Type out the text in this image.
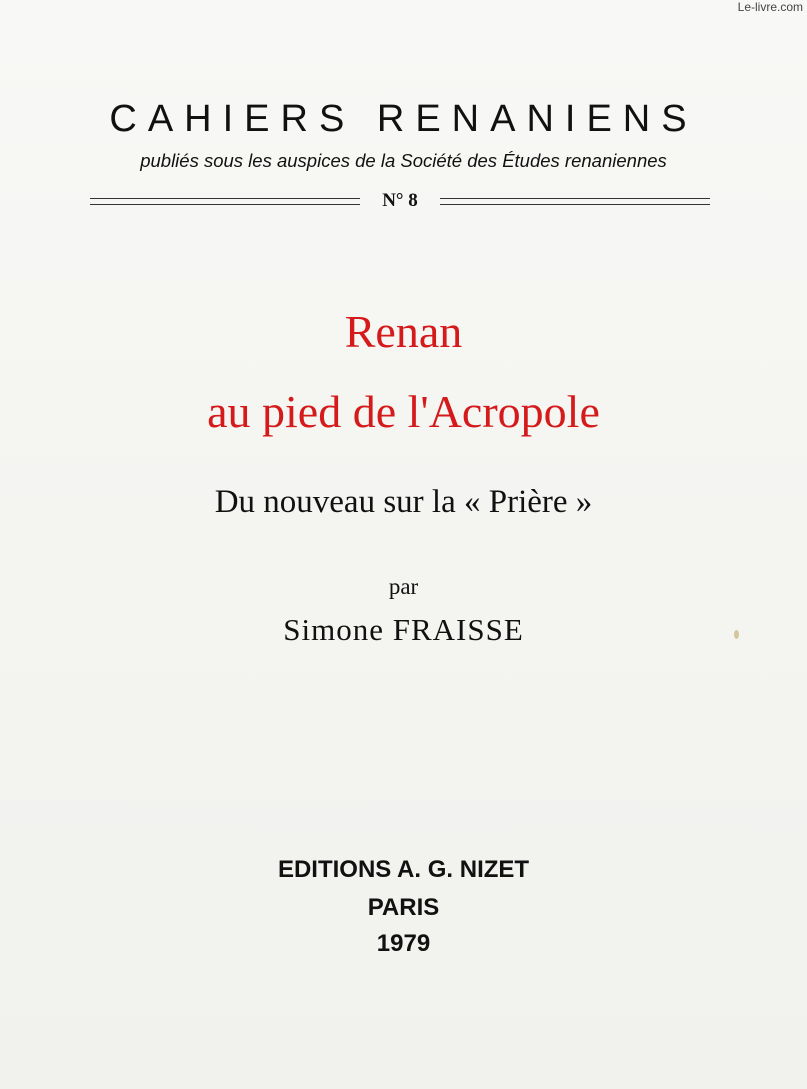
Le-livre.com
CAHIERS RENANIENS
publiés sous les auspices de la Société des Études renaniennes
N° 8
Renan
au pied de l'Acropole
Du nouveau sur la « Prière »
par
Simone FRAISSE
EDITIONS A. G. NIZET
PARIS
1979
